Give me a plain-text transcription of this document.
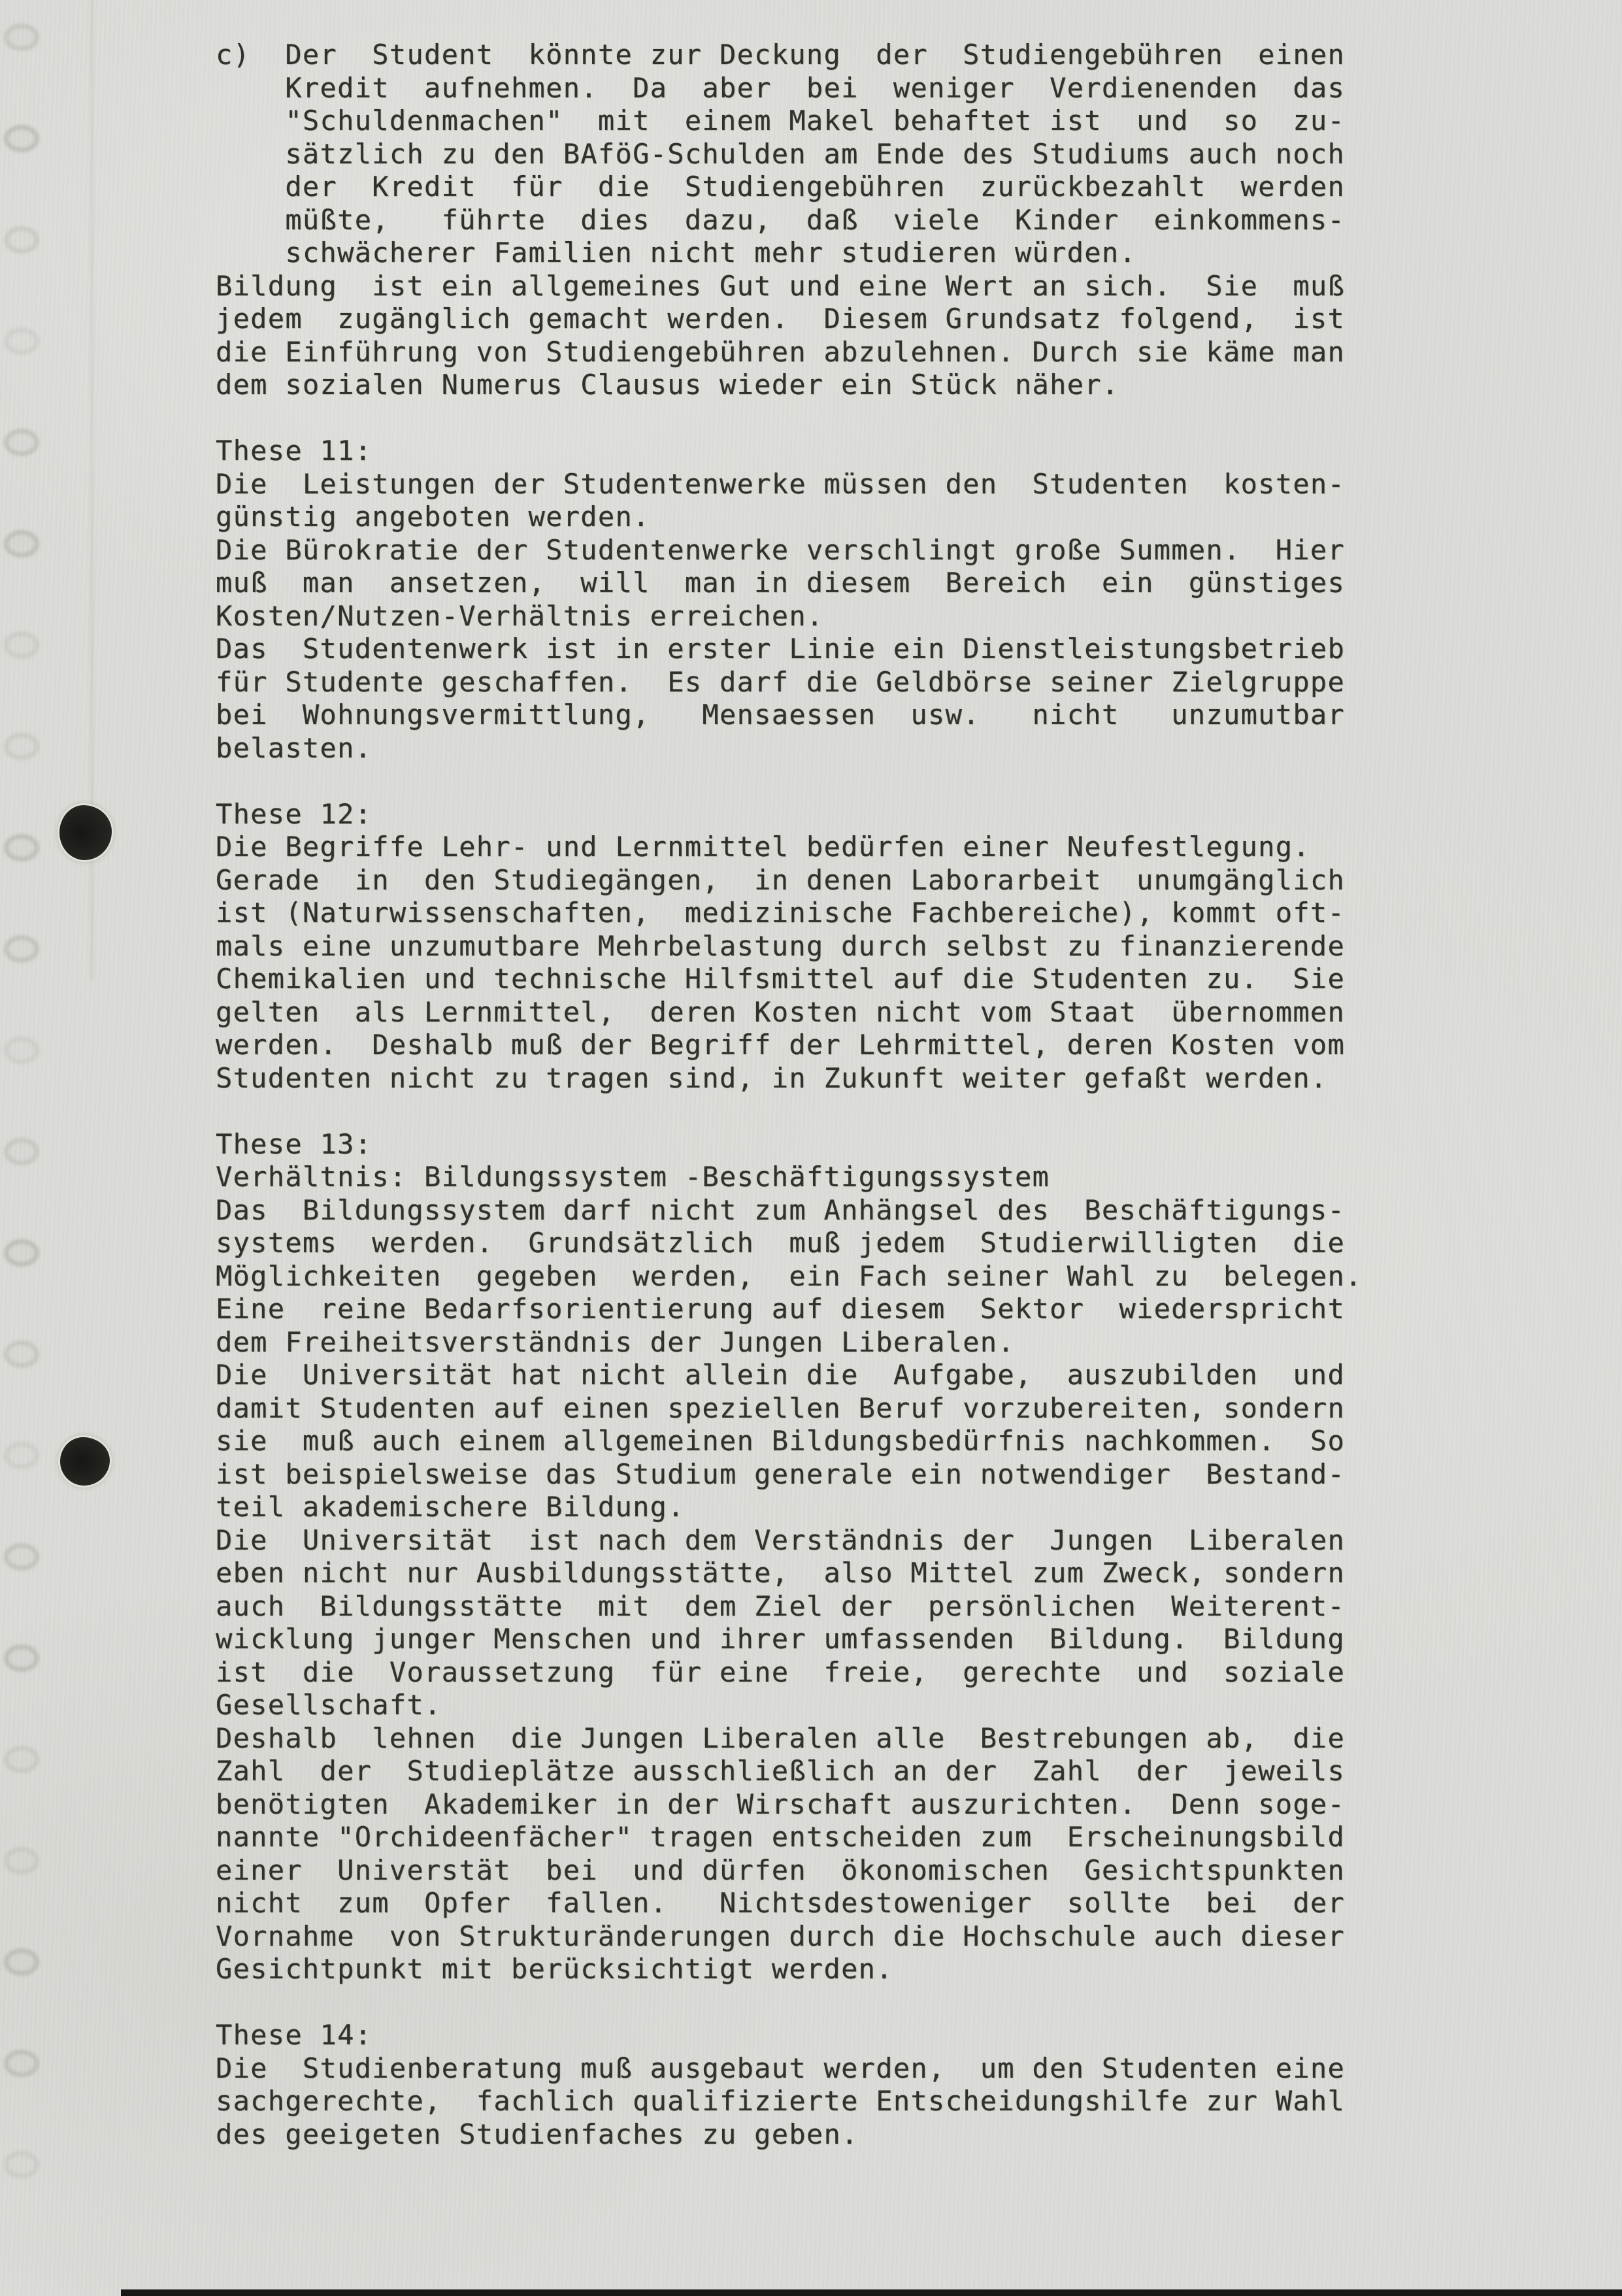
c)  Der  Student  könnte zur Deckung  der  Studiengebühren  einen
Kredit  aufnehmen.  Da  aber  bei  weniger  Verdienenden  das
"Schuldenmachen"  mit  einem Makel behaftet ist  und  so  zu-
sätzlich zu den BAföG-Schulden am Ende des Studiums auch noch
der  Kredit  für  die  Studiengebühren  zurückbezahlt  werden
müßte,   führte  dies  dazu,  daß  viele  Kinder  einkommens-
schwächerer Familien nicht mehr studieren würden.
Bildung  ist ein allgemeines Gut und eine Wert an sich.  Sie  muß
jedem  zugänglich gemacht werden.  Diesem Grundsatz folgend,  ist
die Einführung von Studiengebühren abzulehnen. Durch sie käme man
dem sozialen Numerus Clausus wieder ein Stück näher.
These 11:
Die  Leistungen der Studentenwerke müssen den  Studenten  kosten-
günstig angeboten werden.
Die Bürokratie der Studentenwerke verschlingt große Summen.  Hier
muß  man  ansetzen,  will  man in diesem  Bereich  ein  günstiges
Kosten/Nutzen-Verhältnis erreichen.
Das  Studentenwerk ist in erster Linie ein Dienstleistungsbetrieb
für Studente geschaffen.  Es darf die Geldbörse seiner Zielgruppe
bei  Wohnungsvermittlung,   Mensaessen  usw.   nicht   unzumutbar
belasten.
These 12:
Die Begriffe Lehr- und Lernmittel bedürfen einer Neufestlegung.
Gerade  in  den Studiegängen,  in denen Laborarbeit  unumgänglich
ist (Naturwissenschaften,  medizinische Fachbereiche), kommt oft-
mals eine unzumutbare Mehrbelastung durch selbst zu finanzierende
Chemikalien und technische Hilfsmittel auf die Studenten zu.  Sie
gelten  als Lernmittel,  deren Kosten nicht vom Staat  übernommen
werden.  Deshalb muß der Begriff der Lehrmittel, deren Kosten vom
Studenten nicht zu tragen sind, in Zukunft weiter gefaßt werden.
These 13:
Verhältnis: Bildungssystem -Beschäftigungssystem
Das  Bildungssystem darf nicht zum Anhängsel des  Beschäftigungs-
systems  werden.  Grundsätzlich  muß jedem  Studierwilligten  die
Möglichkeiten  gegeben  werden,  ein Fach seiner Wahl zu  belegen.
Eine  reine Bedarfsorientierung auf diesem  Sektor  wiederspricht
dem Freiheitsverständnis der Jungen Liberalen.
Die  Universität hat nicht allein die  Aufgabe,  auszubilden  und
damit Studenten auf einen speziellen Beruf vorzubereiten, sondern
sie  muß auch einem allgemeinen Bildungsbedürfnis nachkommen.  So
ist beispielsweise das Studium generale ein notwendiger  Bestand-
teil akademischere Bildung.
Die  Universität  ist nach dem Verständnis der  Jungen  Liberalen
eben nicht nur Ausbildungsstätte,  also Mittel zum Zweck, sondern
auch  Bildungsstätte  mit  dem Ziel der  persönlichen  Weiterent-
wicklung junger Menschen und ihrer umfassenden  Bildung.  Bildung
ist  die  Voraussetzung  für eine  freie,  gerechte  und  soziale
Gesellschaft.
Deshalb  lehnen  die Jungen Liberalen alle  Bestrebungen ab,  die
Zahl  der  Studieplätze ausschließlich an der  Zahl  der  jeweils
benötigten  Akademiker in der Wirschaft auszurichten.  Denn soge-
nannte "Orchideenfächer" tragen entscheiden zum  Erscheinungsbild
einer  Universtät  bei  und dürfen  ökonomischen  Gesichtspunkten
nicht  zum  Opfer  fallen.   Nichtsdestoweniger  sollte  bei  der
Vornahme  von Strukturänderungen durch die Hochschule auch dieser
Gesichtpunkt mit berücksichtigt werden.
These 14:
Die  Studienberatung muß ausgebaut werden,  um den Studenten eine
sachgerechte,  fachlich qualifizierte Entscheidungshilfe zur Wahl
des geeigeten Studienfaches zu geben.
